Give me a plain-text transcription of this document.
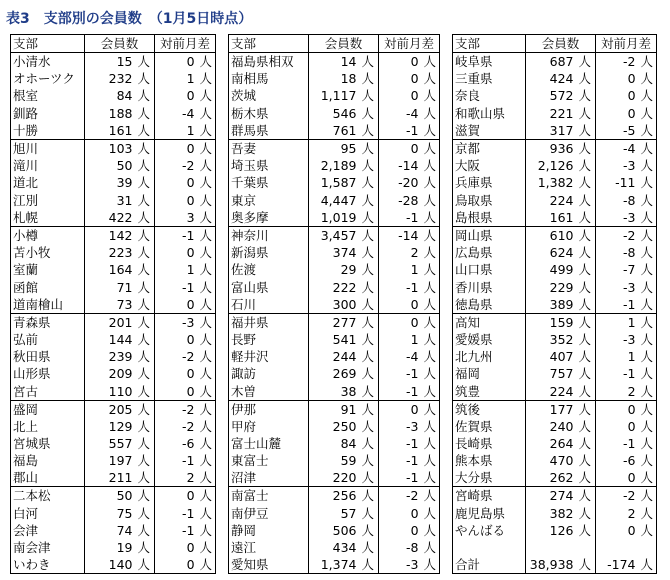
表3　支部別の会員数　（1月5日時点）
支部	会員数		対前月差	
小清水	15	人	0	人
オホーツク	232	人	1	人
根室	84	人	0	人
釧路	188	人	-4	人
十勝	161	人	1	人
旭川	103	人	0	人
滝川	50	人	-2	人
道北	39	人	0	人
江別	31	人	0	人
札幌	422	人	3	人
小樽	142	人	-1	人
苫小牧	223	人	0	人
室蘭	164	人	1	人
函館	71	人	-1	人
道南檜山	73	人	0	人
青森県	201	人	-3	人
弘前	144	人	0	人
秋田県	239	人	-2	人
山形県	209	人	0	人
宮古	110	人	0	人
盛岡	205	人	-2	人
北上	129	人	-2	人
宮城県	557	人	-6	人
福島	197	人	-1	人
郡山	211	人	2	人
二本松	50	人	0	人
白河	75	人	-1	人
会津	74	人	-1	人
南会津	19	人	0	人
いわき	140	人	0	人
支部	会員数		対前月差	
福島県相双	14	人	0	人
南相馬	18	人	0	人
茨城	1,117	人	0	人
栃木県	546	人	-4	人
群馬県	761	人	-1	人
吾妻	95	人	0	人
埼玉県	2,189	人	-14	人
千葉県	1,587	人	-20	人
東京	4,447	人	-28	人
奥多摩	1,019	人	-1	人
神奈川	3,457	人	-14	人
新潟県	374	人	2	人
佐渡	29	人	1	人
富山県	222	人	-1	人
石川	300	人	0	人
福井県	277	人	0	人
長野	541	人	1	人
軽井沢	244	人	-4	人
諏訪	269	人	-1	人
木曽	38	人	-1	人
伊那	91	人	0	人
甲府	250	人	-3	人
富士山麓	84	人	-1	人
東富士	59	人	-1	人
沼津	220	人	-1	人
南富士	256	人	-2	人
南伊豆	57	人	0	人
静岡	506	人	0	人
遠江	434	人	-8	人
愛知県	1,374	人	-3	人
支部	会員数		対前月差	
岐阜県	687	人	-2	人
三重県	424	人	0	人
奈良	572	人	0	人
和歌山県	221	人	0	人
滋賀	317	人	-5	人
京都	936	人	-4	人
大阪	2,126	人	-3	人
兵庫県	1,382	人	-11	人
鳥取県	224	人	-8	人
島根県	161	人	-3	人
岡山県	610	人	-2	人
広島県	624	人	-8	人
山口県	499	人	-7	人
香川県	229	人	-3	人
徳島県	389	人	-1	人
高知	159	人	1	人
愛媛県	352	人	-3	人
北九州	407	人	1	人
福岡	757	人	-1	人
筑豊	224	人	2	人
筑後	177	人	0	人
佐賀県	240	人	0	人
長崎県	264	人	-1	人
熊本県	470	人	-6	人
大分県	262	人	0	人
宮崎県	274	人	-2	人
鹿児島県	382	人	2	人
やんばる	126	人	0	人

合計	38,938	人	-174	人
